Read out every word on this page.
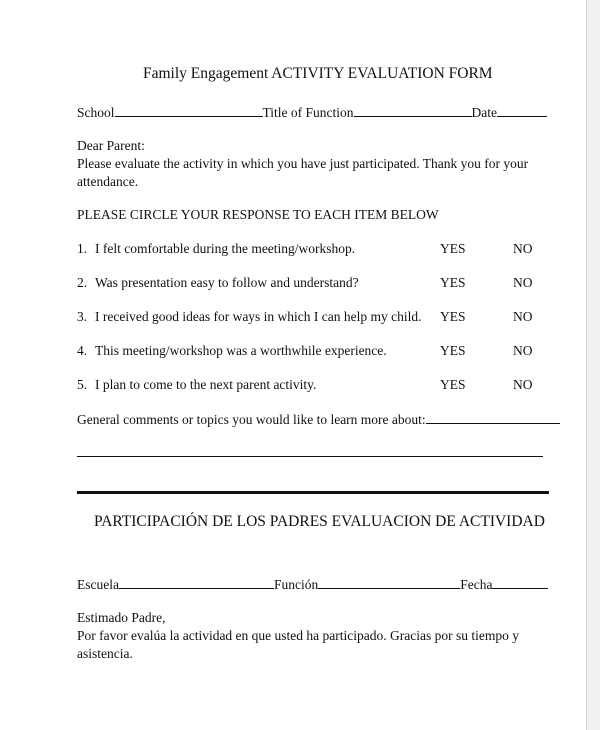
Family Engagement ACTIVITY EVALUATION FORM
School	Title of Function	Date
Dear Parent:
Please evaluate the activity in which you have just participated. Thank you for your
attendance.
PLEASE CIRCLE YOUR RESPONSE TO EACH ITEM BELOW
1. I felt comfortable during the meeting/workshop.	YES	NO
2. Was presentation easy to follow and understand?	YES	NO
3. I received good ideas for ways in which I can help my child. YES	NO
4. This meeting/workshop was a worthwhile experience.	YES	NO
5. I plan to come to the next parent activity.	YES	NO
General comments or topics you would like to learn more about:
PARTICIPACIÓN DE LOS PADRES EVALUACION DE ACTIVIDAD
Escuela	Función	Fecha
Estimado Padre,
Por favor evalúa la actividad en que usted ha participado. Gracias por su tiempo y
asistencia.
